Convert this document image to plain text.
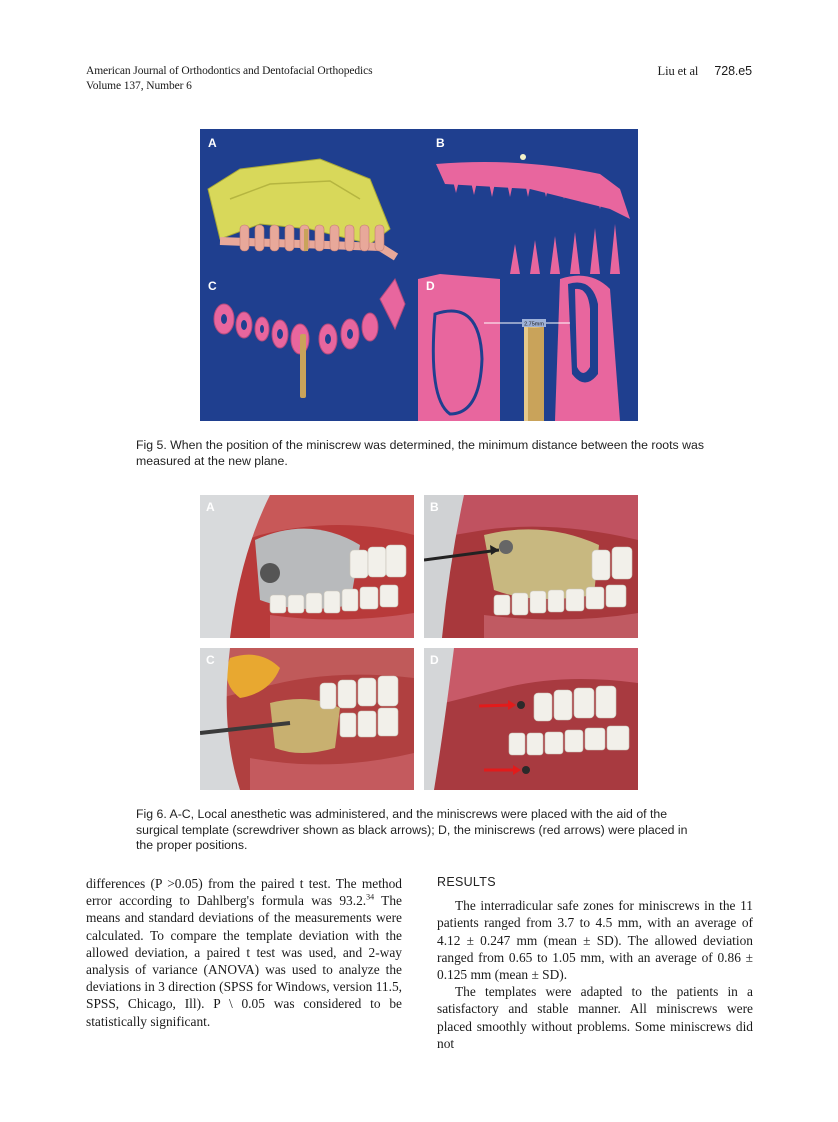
American Journal of Orthodontics and Dentofacial Orthopedics
Volume 137, Number 6
Liu et al 728.e5
2.75mm
A	B
C	D
Fig 5. When the position of the miniscrew was determined, the minimum distance between the roots was measured at the new plane.
A	B
C	D
Fig 6. A-C, Local anesthetic was administered, and the miniscrews were placed with the aid of the surgical template (screwdriver shown as black arrows); D, the miniscrews (red arrows) were placed in the proper positions.

differences (P >0.05) from the paired t test. The method error according to Dahlberg's formula was 93.2.34 The means and standard deviations of the measurements were calculated. To compare the template deviation with the allowed deviation, a paired t test was used, and 2-way analysis of variance (ANOVA) was used to analyze the deviations in 3 direction (SPSS for Windows, version 11.5, SPSS, Chicago, Ill). P \ 0.05 was considered to be statistically significant.

RESULTS

The interradicular safe zones for miniscrews in the 11 patients ranged from 3.7 to 4.5 mm, with an average of 4.12 ± 0.247 mm (mean ± SD). The allowed deviation ranged from 0.65 to 1.05 mm, with an average of 0.86 ± 0.125 mm (mean ± SD).

The templates were adapted to the patients in a satisfactory and stable manner. All miniscrews were placed smoothly without problems. Some miniscrews did not
